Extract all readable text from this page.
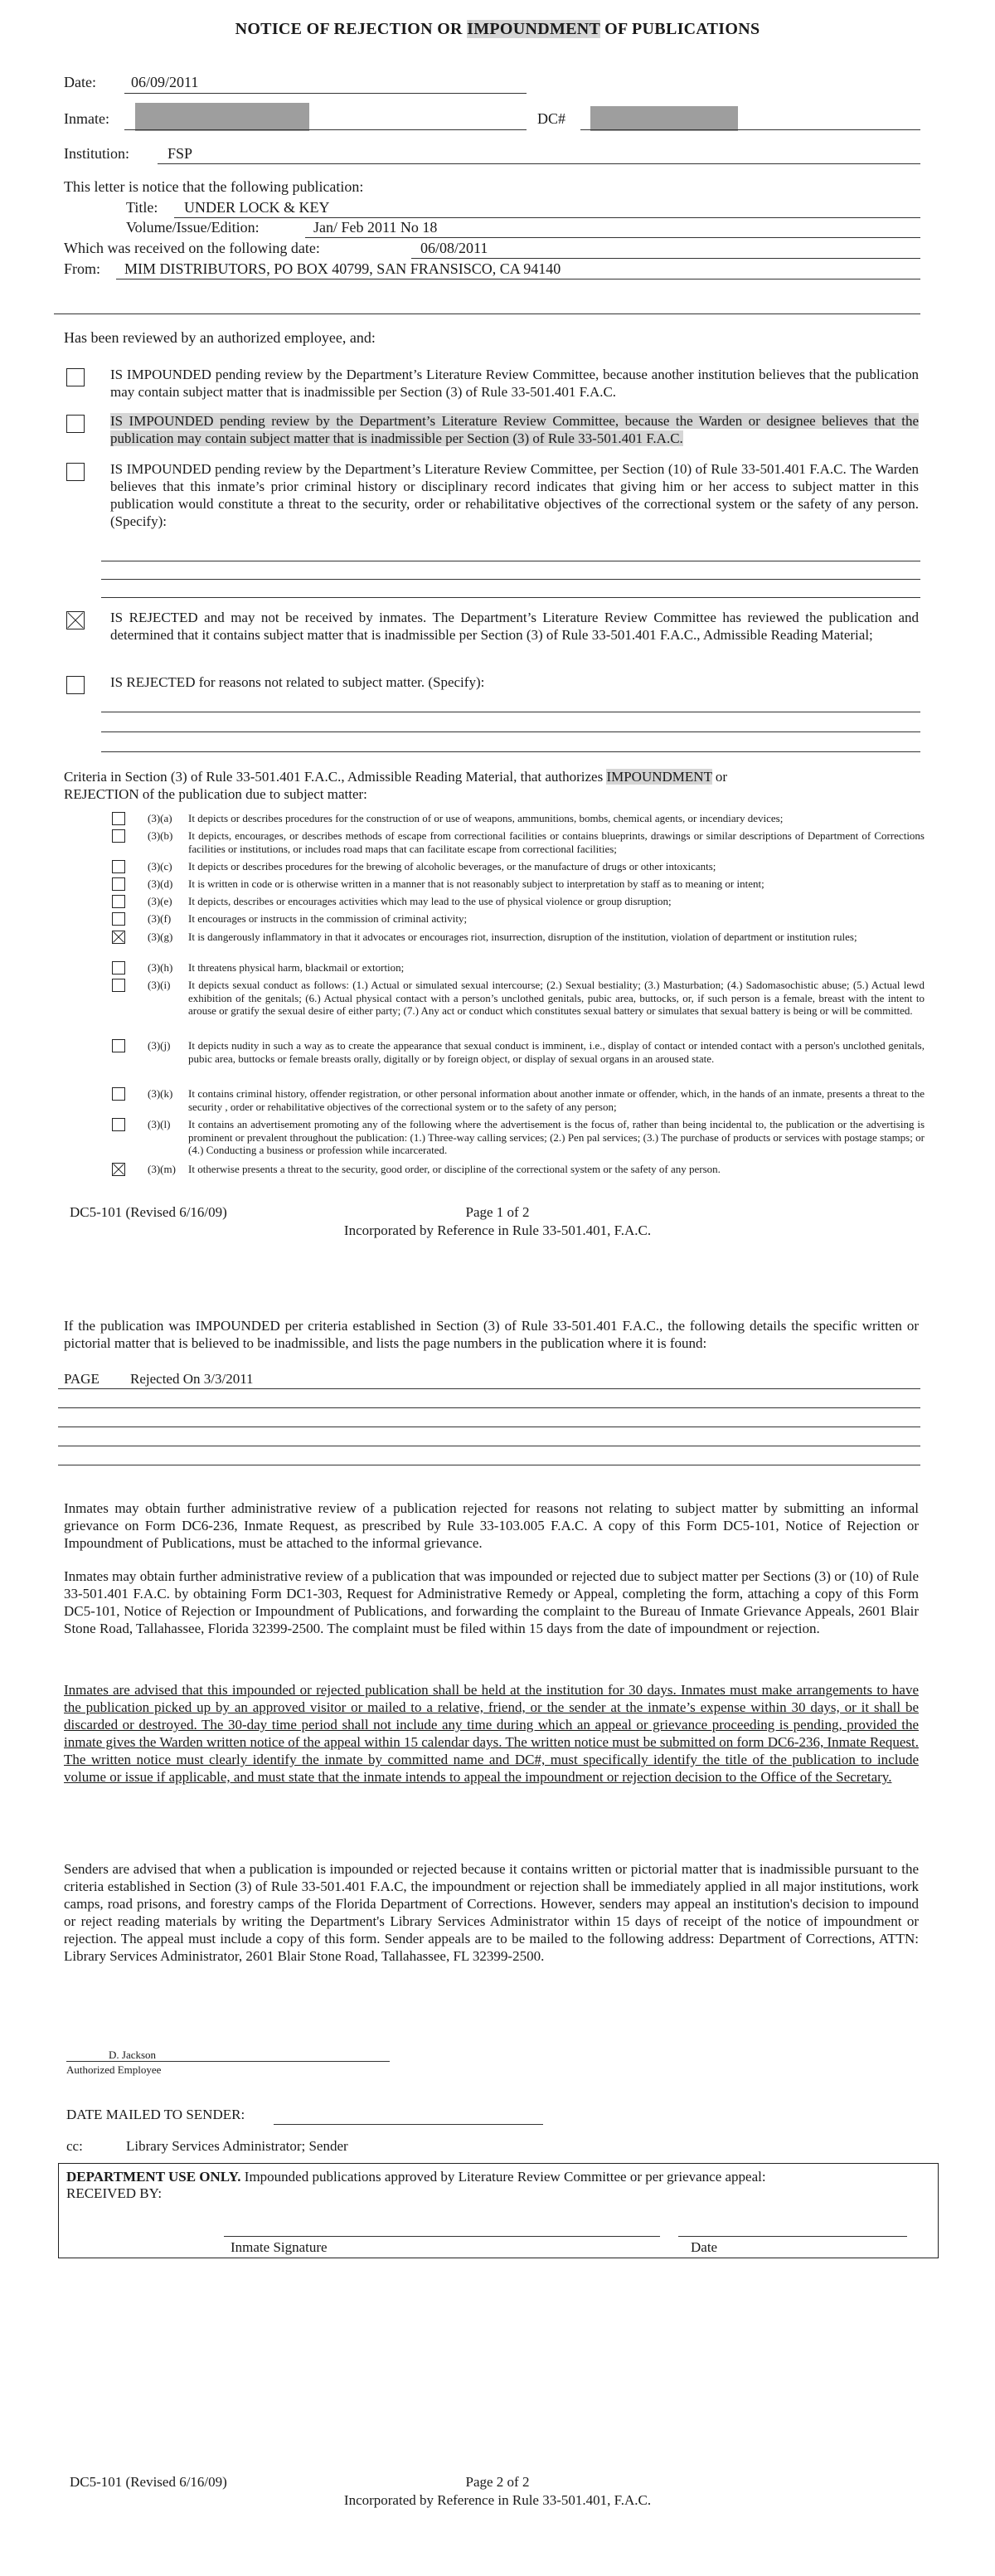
NOTICE OF REJECTION OR IMPOUNDMENT OF PUBLICATIONS
Date: 06/09/2011
Inmate:	DC#
Institution:	FSP
This letter is notice that the following publication:
Title: UNDER LOCK & KEY
Volume/Issue/Edition:	Jan/ Feb 2011 No 18
Which was received on the following date:	06/08/2011
From: MIM DISTRIBUTORS, PO BOX 40799, SAN FRANSISCO, CA 94140
Has been reviewed by an authorized employee, and:
IS IMPOUNDED pending review by the Department’s Literature Review Committee, because another institution believes that the publication may contain subject matter that is inadmissible per Section (3) of Rule 33-501.401 F.A.C.
IS IMPOUNDED pending review by the Department’s Literature Review Committee, because the Warden or designee believes that the publication may contain subject matter that is inadmissible per Section (3) of Rule 33-501.401 F.A.C.
IS IMPOUNDED pending review by the Department’s Literature Review Committee, per Section (10) of Rule 33-501.401 F.A.C. The Warden believes that this inmate’s prior criminal history or disciplinary record indicates that giving him or her access to subject matter in this publication would constitute a threat to the security, order or rehabilitative objectives of the correctional system or the safety of any person. (Specify):
IS REJECTED and may not be received by inmates. The Department’s Literature Review Committee has reviewed the publication and determined that it contains subject matter that is inadmissible per Section (3) of Rule 33-501.401 F.A.C., Admissible Reading Material;
IS REJECTED for reasons not related to subject matter. (Specify):
Criteria in Section (3) of Rule 33-501.401 F.A.C., Admissible Reading Material, that authorizes IMPOUNDMENT or
REJECTION of the publication due to subject matter:
(3)(a) It depicts or describes procedures for the construction of or use of weapons, ammunitions, bombs, chemical agents, or incendiary devices;
(3)(b) It depicts, encourages, or describes methods of escape from correctional facilities or contains blueprints, drawings or similar descriptions of Department of Corrections facilities or institutions, or includes road maps that can facilitate escape from correctional facilities;
(3)(c) It depicts or describes procedures for the brewing of alcoholic beverages, or the manufacture of drugs or other intoxicants;
(3)(d) It is written in code or is otherwise written in a manner that is not reasonably subject to interpretation by staff as to meaning or intent;
(3)(e) It depicts, describes or encourages activities which may lead to the use of physical violence or group disruption;
(3)(f) It encourages or instructs in the commission of criminal activity;
(3)(g) It is dangerously inflammatory in that it advocates or encourages riot, insurrection, disruption of the institution, violation of department or institution rules;
(3)(h) It threatens physical harm, blackmail or extortion;
(3)(i) It depicts sexual conduct as follows: (1.) Actual or simulated sexual intercourse; (2.) Sexual bestiality; (3.) Masturbation; (4.) Sadomasochistic abuse; (5.) Actual lewd exhibition of the genitals; (6.) Actual physical contact with a person’s unclothed genitals, pubic area, buttocks, or, if such person is a female, breast with the intent to arouse or gratify the sexual desire of either party; (7.) Any act or conduct which constitutes sexual battery or simulates that sexual battery is being or will be committed.
(3)(j) It depicts nudity in such a way as to create the appearance that sexual conduct is imminent, i.e., display of contact or intended contact with a person's unclothed genitals, pubic area, buttocks or female breasts orally, digitally or by foreign object, or display of sexual organs in an aroused state.
(3)(k) It contains criminal history, offender registration, or other personal information about another inmate or offender, which, in the hands of an inmate, presents a threat to the security , order or rehabilitative objectives of the correctional system or to the safety of any person;
(3)(l) It contains an advertisement promoting any of the following where the advertisement is the focus of, rather than being incidental to, the publication or the advertising is prominent or prevalent throughout the publication: (1.) Three-way calling services; (2.) Pen pal services; (3.) The purchase of products or services with postage stamps; or (4.) Conducting a business or profession while incarcerated.
(3)(m) It otherwise presents a threat to the security, good order, or discipline of the correctional system or the safety of any person.
DC5-101 (Revised 6/16/09)	Page 1 of 2
Incorporated by Reference in Rule 33-501.401, F.A.C.
If the publication was IMPOUNDED per criteria established in Section (3) of Rule 33-501.401 F.A.C., the following details the specific written or pictorial matter that is believed to be inadmissible, and lists the page numbers in the publication where it is found:
PAGE Rejected On 3/3/2011
Inmates may obtain further administrative review of a publication rejected for reasons not relating to subject matter by submitting an informal grievance on Form DC6-236, Inmate Request, as prescribed by Rule 33-103.005 F.A.C. A copy of this Form DC5-101, Notice of Rejection or Impoundment of Publications, must be attached to the informal grievance.
Inmates may obtain further administrative review of a publication that was impounded or rejected due to subject matter per Sections (3) or (10) of Rule 33-501.401 F.A.C. by obtaining Form DC1-303, Request for Administrative Remedy or Appeal, completing the form, attaching a copy of this Form DC5-101, Notice of Rejection or Impoundment of Publications, and forwarding the complaint to the Bureau of Inmate Grievance Appeals, 2601 Blair Stone Road, Tallahassee, Florida 32399-2500. The complaint must be filed within 15 days from the date of impoundment or rejection.
Inmates are advised that this impounded or rejected publication shall be held at the institution for 30 days. Inmates must make arrangements to have the publication picked up by an approved visitor or mailed to a relative, friend, or the sender at the inmate’s expense within 30 days, or it shall be discarded or destroyed. The 30-day time period shall not include any time during which an appeal or grievance proceeding is pending, provided the inmate gives the Warden written notice of the appeal within 15 calendar days. The written notice must be submitted on form DC6-236, Inmate Request. The written notice must clearly identify the inmate by committed name and DC#, must specifically identify the title of the publication to include volume or issue if applicable, and must state that the inmate intends to appeal the impoundment or rejection decision to the Office of the Secretary.
Senders are advised that when a publication is impounded or rejected because it contains written or pictorial matter that is inadmissible pursuant to the criteria established in Section (3) of Rule 33-501.401 F.A.C, the impoundment or rejection shall be immediately applied in all major institutions, work camps, road prisons, and forestry camps of the Florida Department of Corrections. However, senders may appeal an institution's decision to impound or reject reading materials by writing the Department's Library Services Administrator within 15 days of receipt of the notice of impoundment or rejection. The appeal must include a copy of this form. Sender appeals are to be mailed to the following address: Department of Corrections, ATTN: Library Services Administrator, 2601 Blair Stone Road, Tallahassee, FL 32399-2500.
D. Jackson
Authorized Employee
DATE MAILED TO SENDER:
cc:	Library Services Administrator; Sender
DEPARTMENT USE ONLY. Impounded publications approved by Literature Review Committee or per grievance appeal:
RECEIVED BY:
Inmate Signature	Date
DC5-101 (Revised 6/16/09)	Page 2 of 2
Incorporated by Reference in Rule 33-501.401, F.A.C.
